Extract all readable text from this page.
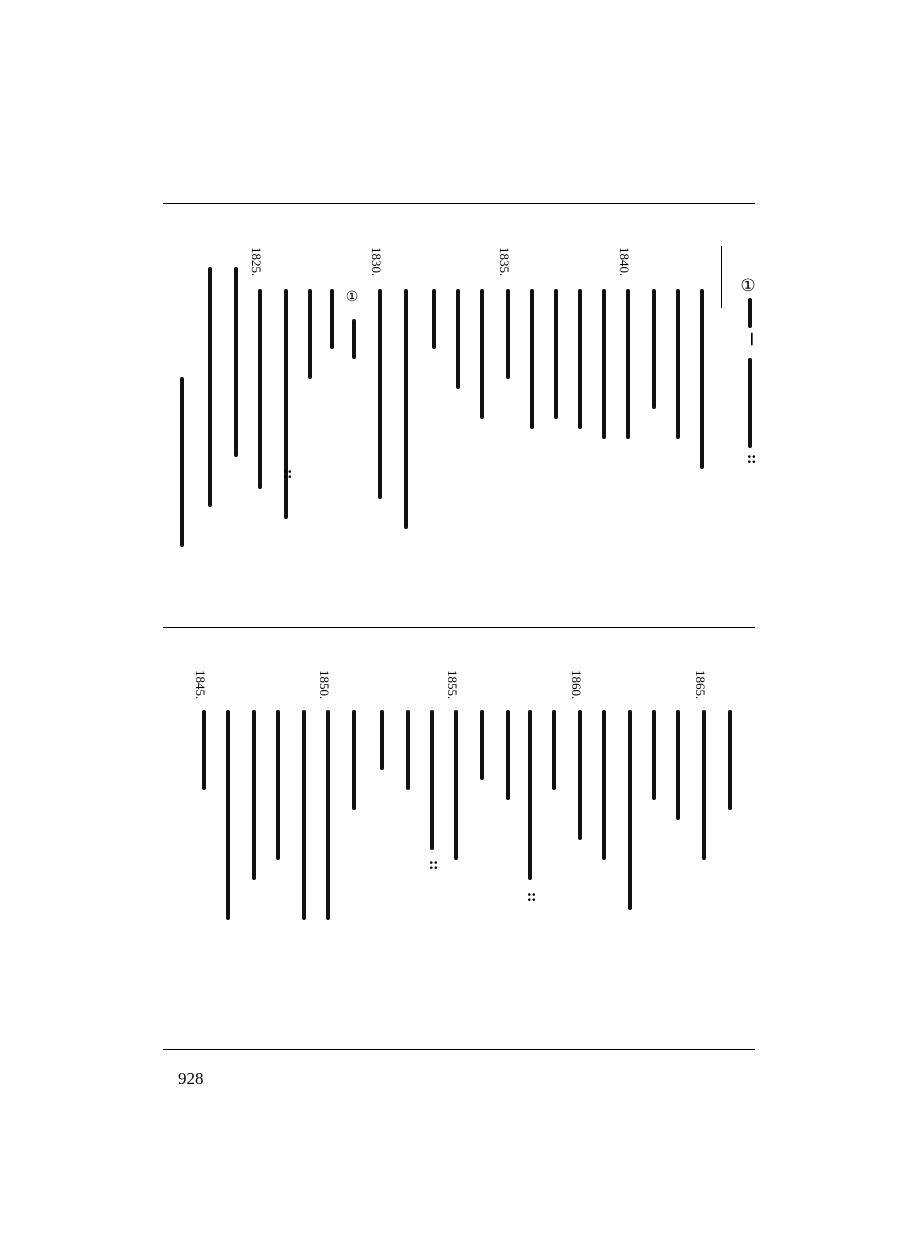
①
—
::
1825.
::
①
1830.	1835.	1840.
1845.	1850.
::
1855.
::
1860.	1865.
928
